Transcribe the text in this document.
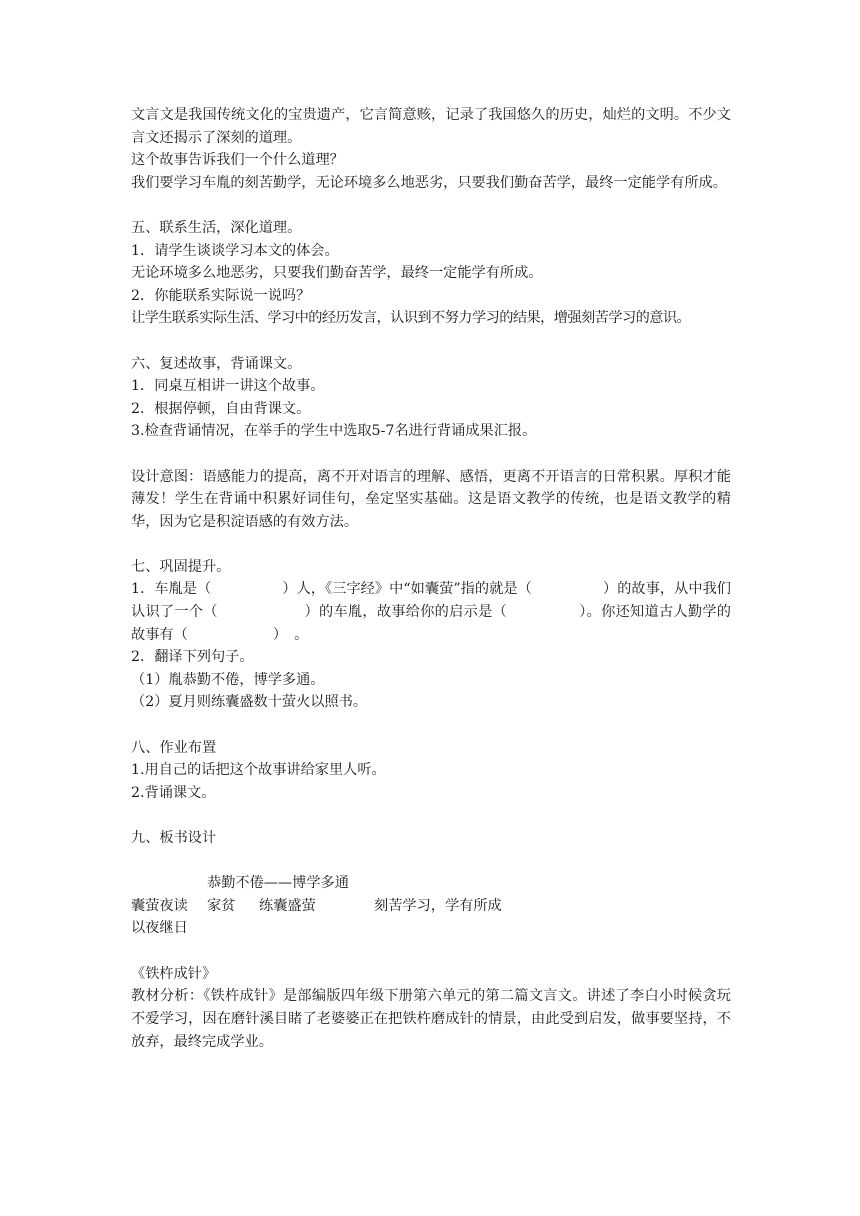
文言文是我国传统文化的宝贵遗产，它言简意赅，记录了我国悠久的历史，灿烂的文明。不少文言文还揭示了深刻的道理。

这个故事告诉我们一个什么道理？

我们要学习车胤的刻苦勤学，无论环境多么地恶劣，只要我们勤奋苦学，最终一定能学有所成。

五、联系生活，深化道理。

1．请学生谈谈学习本文的体会。

无论环境多么地恶劣，只要我们勤奋苦学，最终一定能学有所成。

2．你能联系实际说一说吗？

让学生联系实际生活、学习中的经历发言，认识到不努力学习的结果，增强刻苦学习的意识。

六、复述故事，背诵课文。

1．同桌互相讲一讲这个故事。

2．根据停顿，自由背课文。

3.检查背诵情况，在举手的学生中选取5-7名进行背诵成果汇报。

设计意图：语感能力的提高，离不开对语言的理解、感悟，更离不开语言的日常积累。厚积才能薄发！学生在背诵中积累好词佳句，垒定坚实基础。这是语文教学的传统，也是语文教学的精华，因为它是积淀语感的有效方法。

七、巩固提升。

1．车胤是（　　　　　）人，《三字经》中“如囊萤”指的就是（　　　　　）的故事，从中我们认识了一个（　　　　　　）的车胤，故事给你的启示是（　　　　　）。你还知道古人勤学的故事有（　　　　　　）　。

2．翻译下列句子。

（1）胤恭勤不倦，博学多通。

（2）夏月则练囊盛数十萤火以照书。

八、作业布置

1.用自己的话把这个故事讲给家里人听。

2.背诵课文。

九、板书设计

恭勤不倦——博学多通
囊萤夜读 家贫 练囊盛萤	刻苦学习，学有所成
以夜继日

《铁杵成针》

教材分析：《铁杵成针》是部编版四年级下册第六单元的第二篇文言文。讲述了李白小时候贪玩不爱学习，因在磨针溪目睹了老婆婆正在把铁杵磨成针的情景，由此受到启发，做事要坚持，不放弃，最终完成学业。
